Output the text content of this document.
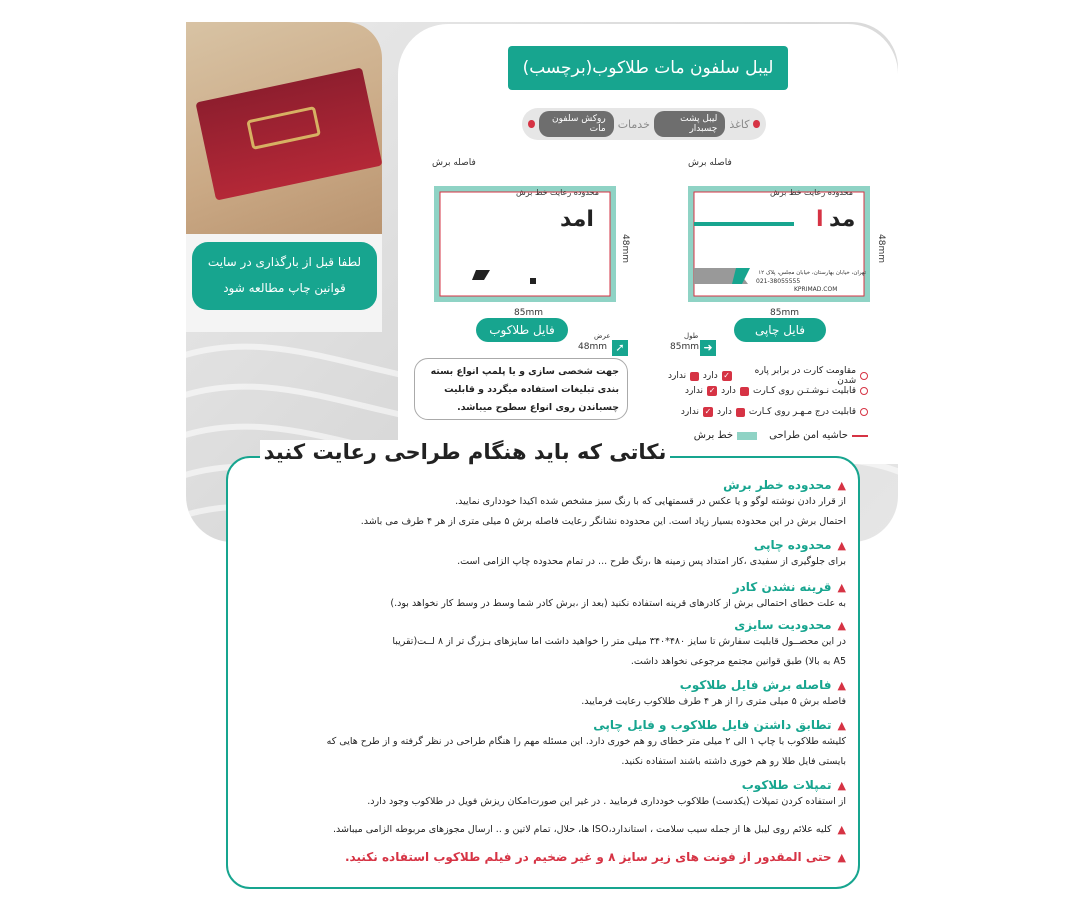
لطفا قبل از بارگذاری در سایت
قوانین چاپ مطالعه شود
لیبل سلفون مات طلاکوب(برچسب)
کاغذ
لیبل پشت چسبدار
خدمات
روکش سلفون مات
ا مد
محدوده رعایت خط برش
KPRIMAD.COM
021-38055555
تهران، خیابان بهارستان، خیابان مجلس، پلاک ۱۲
فاصله برش
85mm
48mm
فایل چاپی
➜
85mm
طول
امد
محدوده رعایت خط برش
فاصله برش
85mm
48mm
فایل طلاکوب
➚
48mm
عرض
جهت شخصی سازی و یا پلمپ انواع بسته بندی تبلیغات استفاده میگردد و قابلیت چسباندن روی انواع سطوح میباشد.
مقاومت کارت در برابر پاره شدن
✓
دارد
ندارد
قابلیت نـوشـتـن روی کـارت
دارد
✓
ندارد
قابلیت درج مـهـر روی کـارت
دارد
✓
ندارد
حاشیه امن طراحی
خط برش
نکاتی که باید هنگام طراحی رعایت کنید
▲
محدوده خطر برش
از قرار دادن نوشته لوگو و یا عکس در قسمتهایی که با رنگ سبز مشخص شده اکیدا خودداری نمایید.
احتمال برش در این محدوده بسیار زیاد است. این محدوده نشانگر رعایت فاصله برش ۵ میلی متری از هر ۴ طرف می باشد.
▲
محدوده چاپی
برای جلوگیری از سفیدی ،کار امتداد پس زمینه ها ،رنگ طرح ... در تمام محدوده چاپ الزامی است.
▲
قرینه نشدن کادر
به علت خطای احتمالی برش از کادرهای قرینه استفاده نکنید (بعد از ،برش کادر شما وسط در وسط کار نخواهد بود.)
▲
محدودیت سایزی
در این محصــول قابلیت سفارش تا سایز ۴۸۰*۳۴۰ میلی متر را خواهید داشت اما سایزهای بـزرگ تر از ۸ لــت(تقریبا
A5 به بالا) طبق قوانین مجتمع مرجوعی نخواهد داشت.
▲
فاصله برش فایل طلاکوب
فاصله برش ۵ میلی متری را از هر ۴ طرف طلاکوب رعایت فرمایید.
▲
تطابق داشتن فایل طلاکوب و فایل چاپی
کلیشه طلاکوب با چاپ ۱ الی ۲ میلی متر خطای رو هم خوری دارد. این مسئله مهم را هنگام طراحی در نظر گرفته و از طرح هایی که
بایستی فایل طلا رو هم خوری داشته باشند استفاده نکنید.
▲
تمپلات طلاکوب
از استفاده کردن تمپلات (یکدست) طلاکوب خودداری فرمایید . در غیر این صورت‌امکان ریزش فویل در طلاکوب وجود دارد.
▲
کلیه علائم روی لیبل ها از جمله سیب سلامت ، استاندارد،ISO ها، حلال، تمام لاتین و .. ارسال مجوزهای مربوطه الزامی میباشد.
▲
حتی المقدور از فونت های زیر سایز ۸ و غیر ضخیم در فیلم طلاکوب استفاده نکنید.
